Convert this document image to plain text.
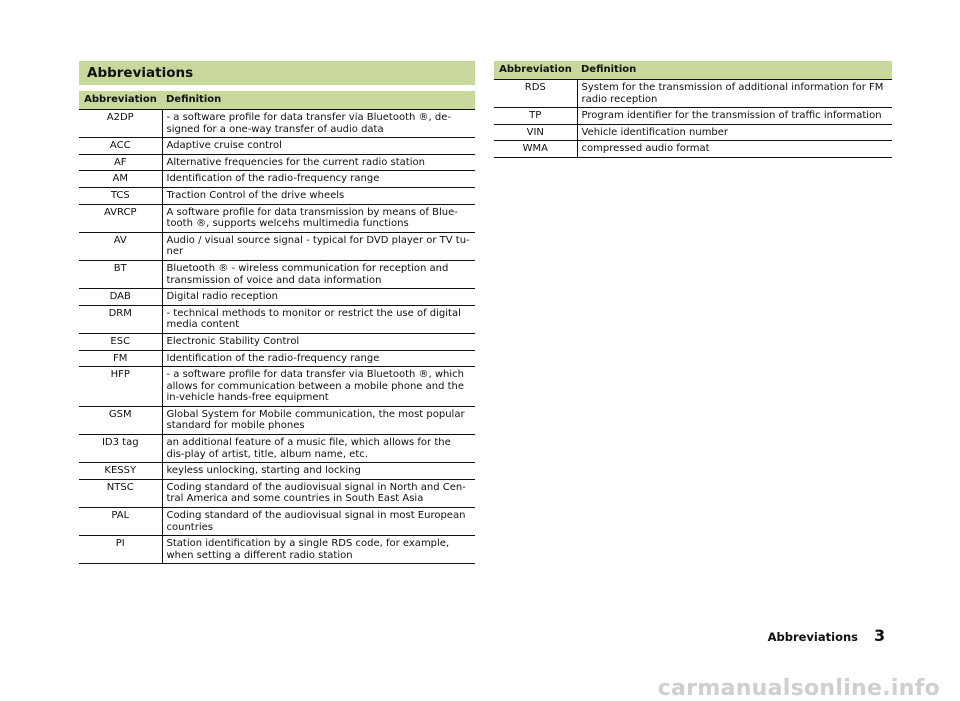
Abbreviations
Abbreviation	Definition
A2DP	- a software profile for data transfer via Bluetooth ®, de-signed for a one-way transfer of audio data
ACC	Adaptive cruise control
AF	Alternative frequencies for the current radio station
AM	Identification of the radio-frequency range
TCS	Traction Control of the drive wheels
AVRCP	A software profile for data transmission by means of Blue-tooth ®, supports welcehs multimedia functions
AV	Audio / visual source signal - typical for DVD player or TV tu-ner
BT	Bluetooth ® - wireless communication for reception and transmission of voice and data information
DAB	Digital radio reception
DRM	- technical methods to monitor or restrict the use of digital media content
ESC	Electronic Stability Control
FM	Identification of the radio-frequency range
HFP	- a software profile for data transfer via Bluetooth ®, which allows for communication between a mobile phone and the in-vehicle hands-free equipment
GSM	Global System for Mobile communication, the most popular standard for mobile phones
ID3 tag	an additional feature of a music file, which allows for the dis-play of artist, title, album name, etc.
KESSY	keyless unlocking, starting and locking
NTSC	Coding standard of the audiovisual signal in North and Cen-tral America and some countries in South East Asia
PAL	Coding standard of the audiovisual signal in most European countries
PI	Station identification by a single RDS code, for example, when setting a different radio station
Abbreviation	Definition
RDS	System for the transmission of additional information for FM radio reception
TP	Program identifier for the transmission of traffic information
VIN	Vehicle identification number
WMA	compressed audio format
Abbreviations 3
carmanualsonline.info
